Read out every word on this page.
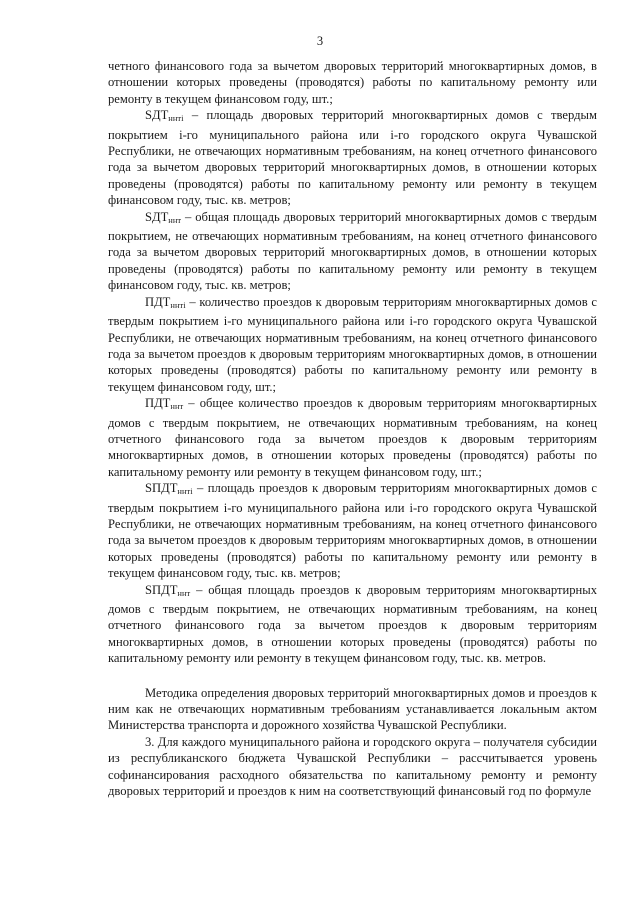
3

четного финансового года за вычетом дворовых территорий многоквартирных домов, в отношении которых проведены (проводятся) работы по капитальному ремонту или ремонту в текущем финансовом году, шт.;

$SДТ_{ннтi}$ – площадь дворовых территорий многоквартирных домов с твердым покрытием i-го муниципального района или i-го городского округа Чувашской Республики, не отвечающих нормативным требованиям, на конец отчетного финансового года за вычетом дворовых территорий многоквартирных домов, в отношении которых проведены (проводятся) работы по капитальному ремонту или ремонту в текущем финансовом году, тыс. кв. метров;

$SДТ_{ннт}$ – общая площадь дворовых территорий многоквартирных домов с твердым покрытием, не отвечающих нормативным требованиям, на конец отчетного финансового года за вычетом дворовых территорий многоквартирных домов, в отношении которых проведены (проводятся) работы по капитальному ремонту или ремонту в текущем финансовом году, тыс. кв. метров;

$ПДТ_{ннтi}$ – количество проездов к дворовым территориям многоквартирных домов с твердым покрытием i-го муниципального района или i-го городского округа Чувашской Республики, не отвечающих нормативным требованиям, на конец отчетного финансового года за вычетом проездов к дворовым территориям многоквартирных домов, в отношении которых проведены (проводятся) работы по капитальному ремонту или ремонту в текущем финансовом году, шт.;

$ПДТ_{ннт}$ – общее количество проездов к дворовым территориям многоквартирных домов с твердым покрытием, не отвечающих нормативным требованиям, на конец отчетного финансового года за вычетом проездов к дворовым территориям многоквартирных домов, в отношении которых проведены (проводятся) работы по капитальному ремонту или ремонту в текущем финансовом году, шт.;

$SПДТ_{ннтi}$ – площадь проездов к дворовым территориям многоквартирных домов с твердым покрытием i-го муниципального района или i-го городского округа Чувашской Республики, не отвечающих нормативным требованиям, на конец отчетного финансового года за вычетом проездов к дворовым территориям многоквартирных домов, в отношении которых проведены (проводятся) работы по капитальному ремонту или ремонту в текущем финансовом году, тыс. кв. метров;

$SПДТ_{ннт}$ – общая площадь проездов к дворовым территориям многоквартирных домов с твердым покрытием, не отвечающих нормативным требованиям, на конец отчетного финансового года за вычетом проездов к дворовым территориям многоквартирных домов, в отношении которых проведены (проводятся) работы по капитальному ремонту или ремонту в текущем финансовом году, тыс. кв. метров.

Методика определения дворовых территорий многоквартирных домов и проездов к ним как не отвечающих нормативным требованиям устанавливается локальным актом Министерства транспорта и дорожного хозяйства Чувашской Республики.

3. Для каждого муниципального района и городского округа – получателя субсидии из республиканского бюджета Чувашской Республики – рассчитывается уровень софинансирования расходного обязательства по капитальному ремонту и ремонту дворовых территорий и проездов к ним на соответствующий финансовый год по формуле
